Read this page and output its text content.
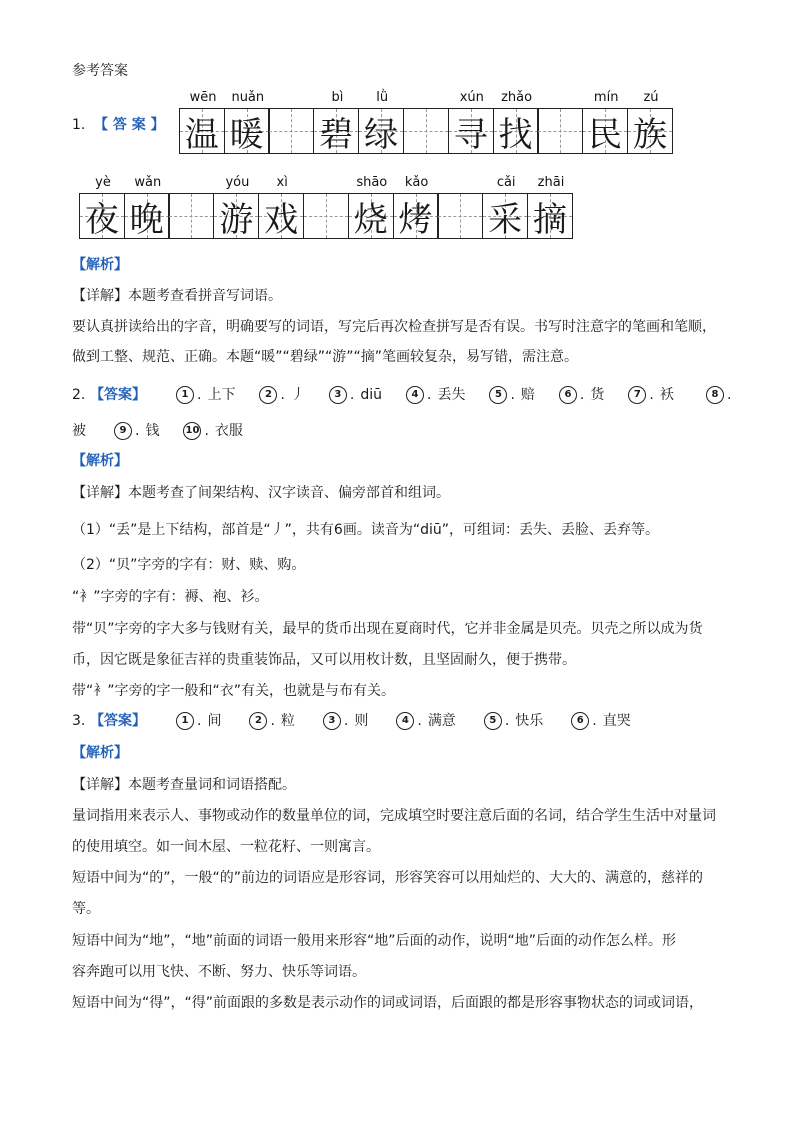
参考答案
1. 【 答 案 】
wēn	nuǎn	bì	lǜ	xún	zhǎo	mín	zú
温 暖 碧 绿 寻 找 民 族
yè	wǎn	yóu	xì	shāo	kǎo	cǎi	zhāi
夜 晚 游 戏 烧 烤 采 摘
【解析】
【详解】本题考查看拼音写词语。
要认真拼读给出的字音，明确要写的词语，写完后再次检查拼写是否有误。书写时注意字的笔画和笔顺，
做到工整、规范、正确。本题“暖”“碧绿”“游”“摘”笔画较复杂，易写错，需注意。
2. 【答案】	1 . 上下	2 . 丿	3 . diū	4 . 丢失	5 . 赔	6 . 货	7 . 袄	8 .
被	9 . 钱	10 . 衣服
【解析】
【详解】本题考查了间架结构、汉字读音、偏旁部首和组词。
（1）“丢”是上下结构，部首是“丿”，共有6画。读音为“diū”，可组词：丢失、丢脸、丢弃等。
（2）“贝”字旁的字有：财、赎、购。
“衤”字旁的字有：褥、袍、衫。
带“贝”字旁的字大多与钱财有关，最早的货币出现在夏商时代，它并非金属是贝壳。贝壳之所以成为货
币，因它既是象征吉祥的贵重装饰品，又可以用枚计数，且坚固耐久，便于携带。
带“衤”字旁的字一般和“衣”有关，也就是与布有关。
3. 【答案】	1 . 间	2 . 粒	3 . 则	4 . 满意	5 . 快乐	6 . 直哭
【解析】
【详解】本题考查量词和词语搭配。
量词指用来表示人、事物或动作的数量单位的词，完成填空时要注意后面的名词，结合学生生活中对量词
的使用填空。如一间木屋、一粒花籽、一则寓言。
短语中间为“的”，一般“的”前边的词语应是形容词，形容笑容可以用灿烂的、大大的、满意的，慈祥的
等。
短语中间为“地”，“地”前面的词语一般用来形容“地”后面的动作，说明“地”后面的动作怎么样。形
容奔跑可以用飞快、不断、努力、快乐等词语。
短语中间为“得”，“得”前面跟的多数是表示动作的词或词语，后面跟的都是形容事物状态的词或词语，
